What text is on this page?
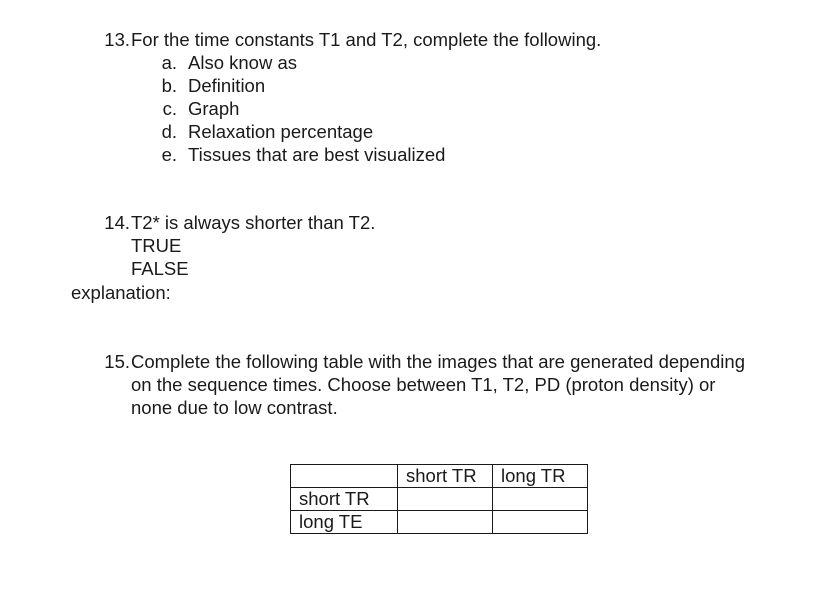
13. For the time constants T1 and T2, complete the following.
a. Also know as
b. Definition
c. Graph
d. Relaxation percentage
e. Tissues that are best visualized
14. T2* is always shorter than T2.
TRUE
FALSE
explanation:
15. Complete the following table with the images that are generated depending
on the sequence times. Choose between T1, T2, PD (proton density) or
none due to low contrast.
	short TR	long TR
short TR		
long TE		
